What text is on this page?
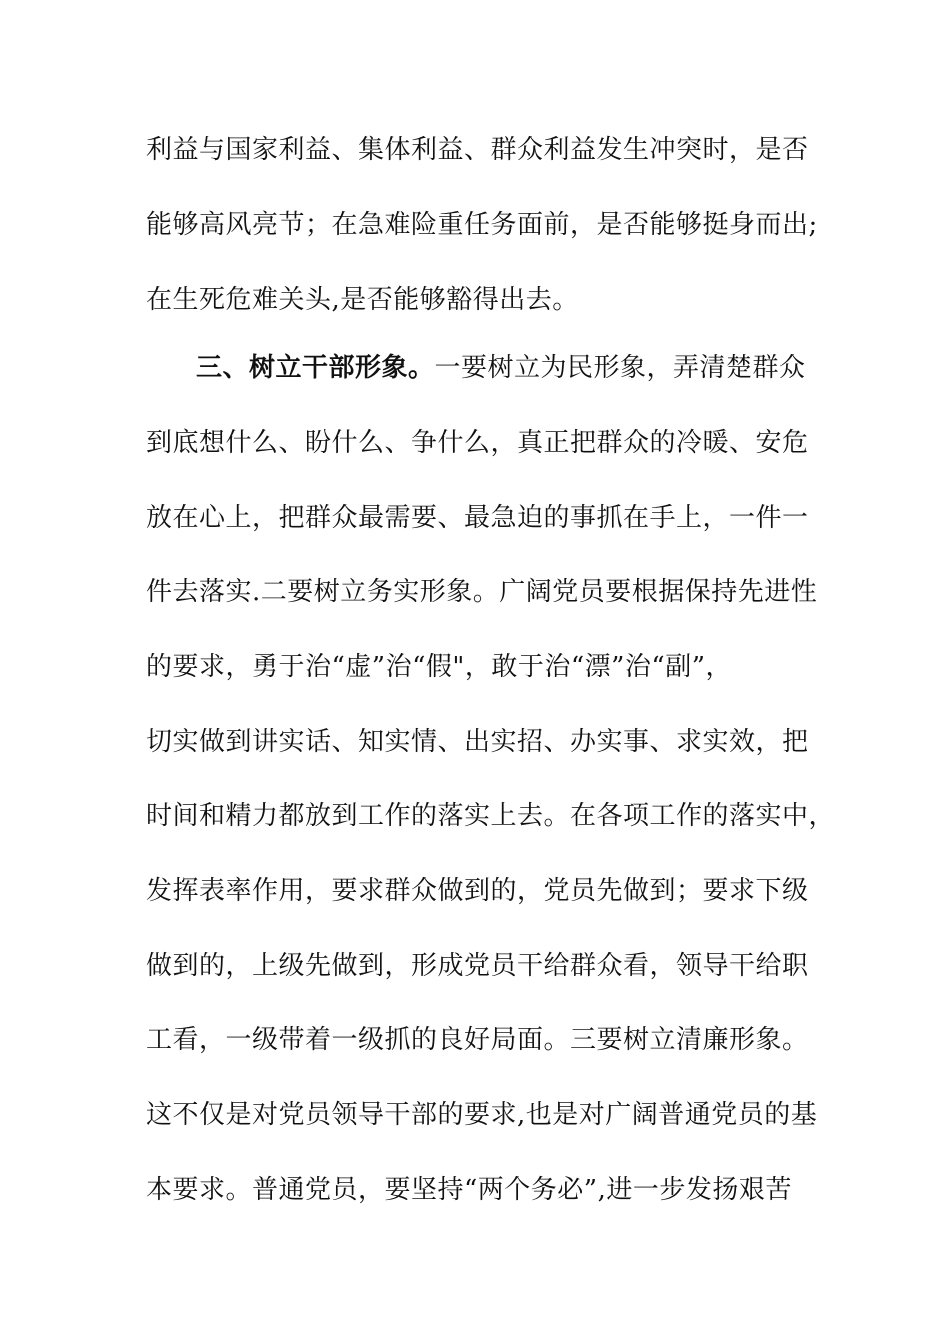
利益与国家利益、集体利益、群众利益发生冲突时，是否
能够高风亮节；在急难险重任务面前，是否能够挺身而出;
在生死危难关头,是否能够豁得出去。
三、树立干部形象。一要树立为民形象，弄清楚群众
到底想什么、盼什么、争什么，真正把群众的冷暖、安危
放在心上，把群众最需要、最急迫的事抓在手上，一件一
件去落实.二要树立务实形象。广阔党员要根据保持先进性
的要求，勇于治“虚”治“假"，敢于治“漂”治“副”，
切实做到讲实话、知实情、出实招、办实事、求实效，把
时间和精力都放到工作的落实上去。在各项工作的落实中，
发挥表率作用，要求群众做到的，党员先做到；要求下级
做到的，上级先做到，形成党员干给群众看，领导干给职
工看，一级带着一级抓的良好局面。三要树立清廉形象。
这不仅是对党员领导干部的要求,也是对广阔普通党员的基
本要求。普通党员，要坚持“两个务必”,进一步发扬艰苦
